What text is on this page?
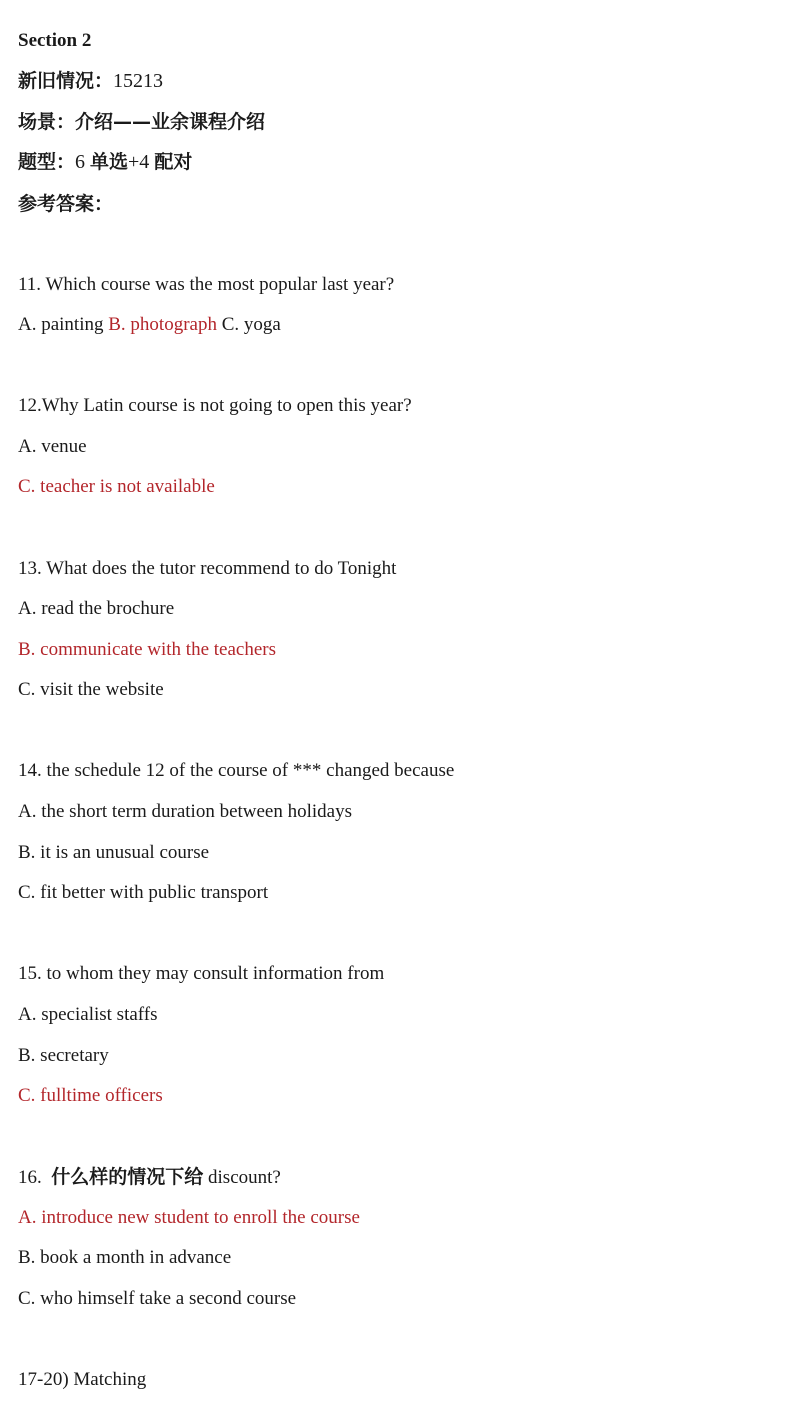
Section 2
新旧情况：15213
场景：介绍——业余课程介绍
题型：6 单选+4 配对
参考答案：
11. Which course was the most popular last year?
A. painting B. photograph C. yoga
12.Why Latin course is not going to open this year?
A. venue
C. teacher is not available
13. What does the tutor recommend to do Tonight
A. read the brochure
B. communicate with the teachers
C. visit the website
14. the schedule 12 of the course of *** changed because
A. the short term duration between holidays
B. it is an unusual course
C. fit better with public transport
15. to whom they may consult information from
A. specialist staffs
B. secretary
C. fulltime officers
16. 什么样的情况下给 discount?
A. introduce new student to enroll the course
B. book a month in advance
C. who himself take a second course
17-20) Matching
